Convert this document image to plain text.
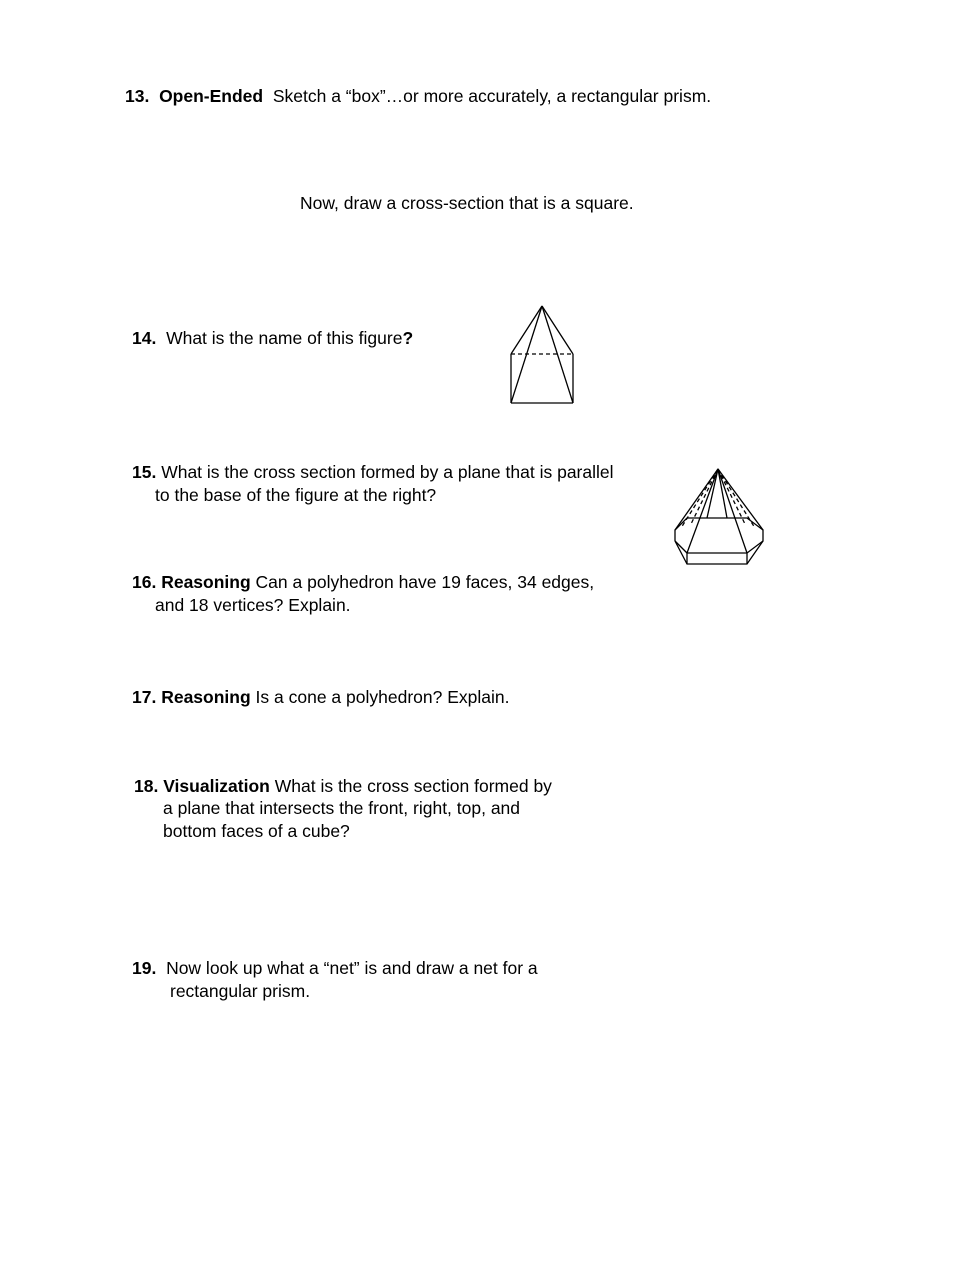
13. Open-Ended Sketch a “box”…or more accurately, a rectangular prism.
Now, draw a cross-section that is a square.
14. What is the name of this figure?
15. What is the cross section formed by a plane that is parallel
to the base of the figure at the right?
16. Reasoning Can a polyhedron have 19 faces, 34 edges,
and 18 vertices? Explain.
17. Reasoning Is a cone a polyhedron? Explain.
18. Visualization What is the cross section formed by
a plane that intersects the front, right, top, and
bottom faces of a cube?
19. Now look up what a “net” is and draw a net for a
rectangular prism.
